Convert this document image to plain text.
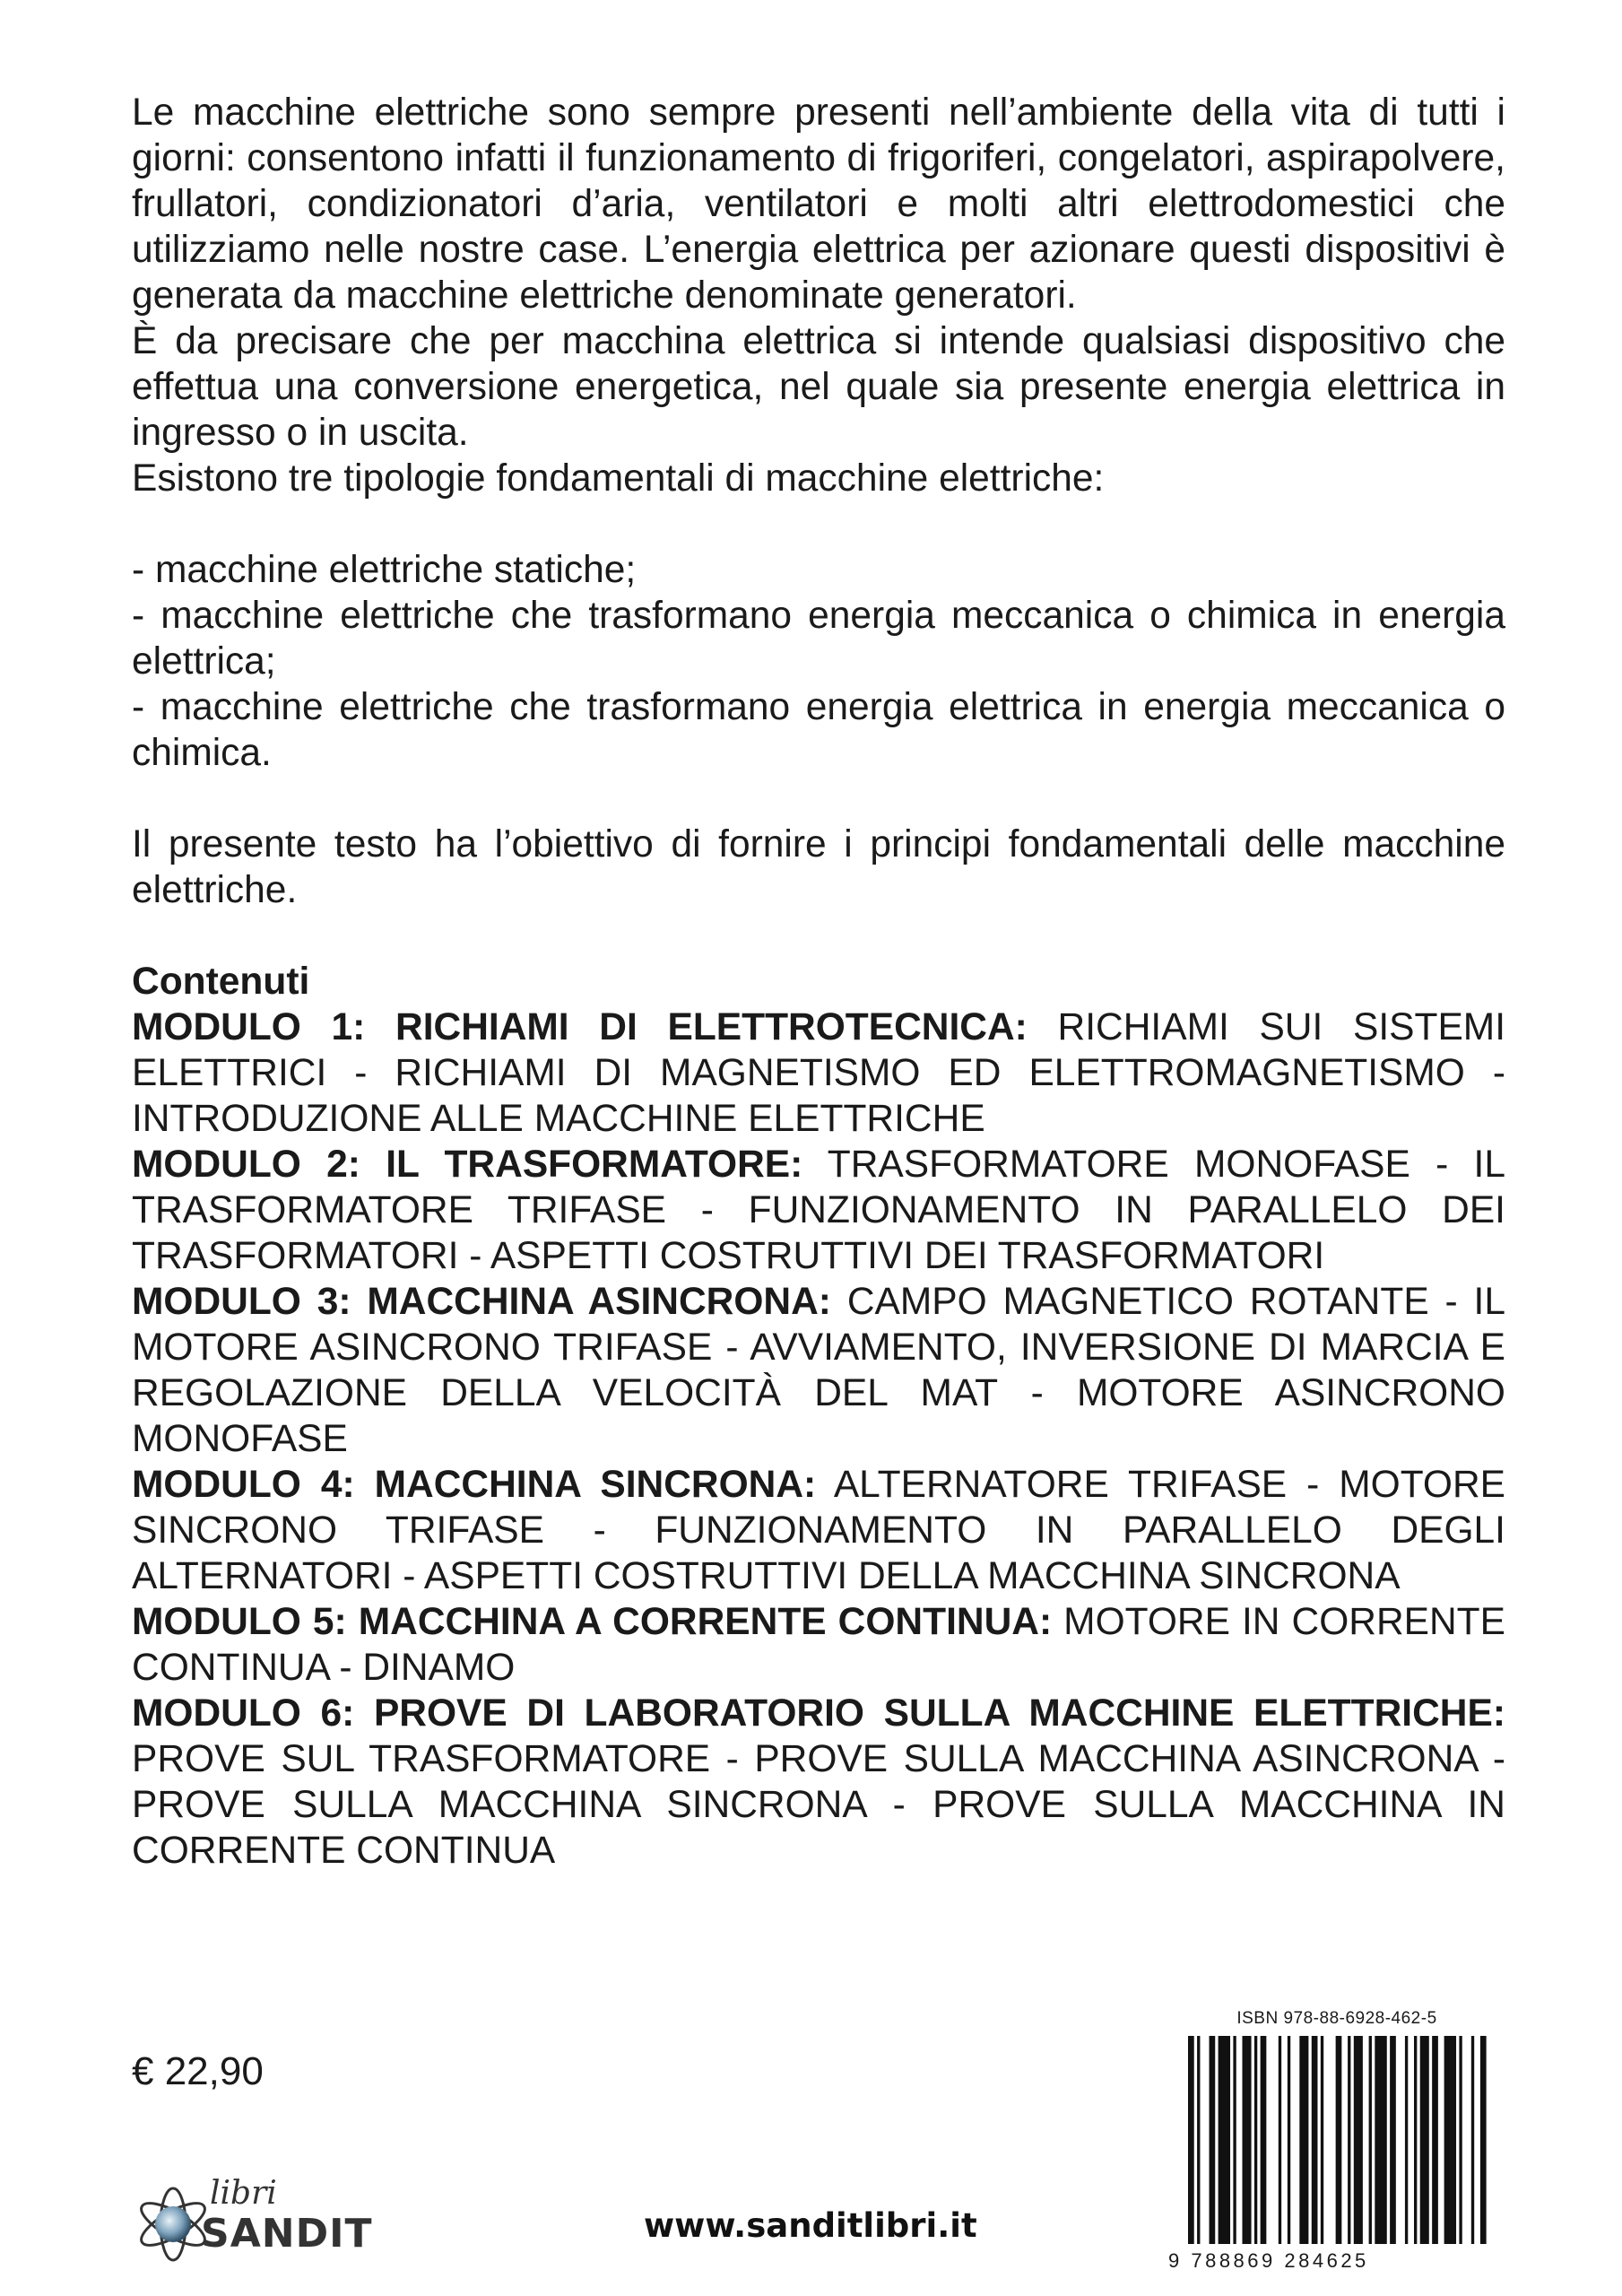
Le macchine elettriche sono sempre presenti nell’ambiente della vita di tutti i giorni: consentono infatti il funzionamento di frigoriferi, congelatori, aspirapolvere, frullatori, condizionatori d’aria, ventilatori e molti altri elettrodomestici che utilizziamo nelle nostre case. L’energia elettrica per azionare questi dispositivi è generata da macchine elettriche denominate generatori.

È da precisare che per macchina elettrica si intende qualsiasi dispositivo che effettua una conversione energetica, nel quale sia presente energia elettrica in ingresso o in uscita.

Esistono tre tipologie fondamentali di macchine elettriche:

- macchine elettriche statiche;

- macchine elettriche che trasformano energia meccanica o chimica in energia elettrica;

- macchine elettriche che trasformano energia elettrica in energia meccanica o chimica.

Il presente testo ha l’obiettivo di fornire i principi fondamentali delle macchine elettriche.

Contenuti

MODULO 1: RICHIAMI DI ELETTROTECNICA: RICHIAMI SUI SISTEMI ELETTRICI - RICHIAMI DI MAGNETISMO ED ELETTROMAGNETISMO - INTRODUZIONE ALLE MACCHINE ELETTRICHE

MODULO 2: IL TRASFORMATORE: TRASFORMATORE MONOFASE - IL TRASFORMATORE TRIFASE - FUNZIONAMENTO IN PARALLELO DEI TRASFORMATORI - ASPETTI COSTRUTTIVI DEI TRASFORMATORI

MODULO 3: MACCHINA ASINCRONA: CAMPO MAGNETICO ROTANTE - IL MOTORE ASINCRONO TRIFASE - AVVIAMENTO, INVERSIONE DI MARCIA E REGOLAZIONE DELLA VELOCITÀ DEL MAT - MOTORE ASINCRONO MONOFASE

MODULO 4: MACCHINA SINCRONA: ALTERNATORE TRIFASE - MOTORE SINCRONO TRIFASE - FUNZIONAMENTO IN PARALLELO DEGLI ALTERNATORI - ASPETTI COSTRUTTIVI DELLA MACCHINA SINCRONA

MODULO 5: MACCHINA A CORRENTE CONTINUA: MOTORE IN CORRENTE CONTINUA - DINAMO

MODULO 6: PROVE DI LABORATORIO SULLA MACCHINE ELETTRICHE: PROVE SUL TRASFORMATORE - PROVE SULLA MACCHINA ASINCRONA - PROVE SULLA MACCHINA SINCRONA - PROVE SULLA MACCHINA IN CORRENTE CONTINUA

€ 22,90
libri
SANDIT	www.sanditlibri.it
ISBN 978-88-6928-462-5
9 788869 284625
